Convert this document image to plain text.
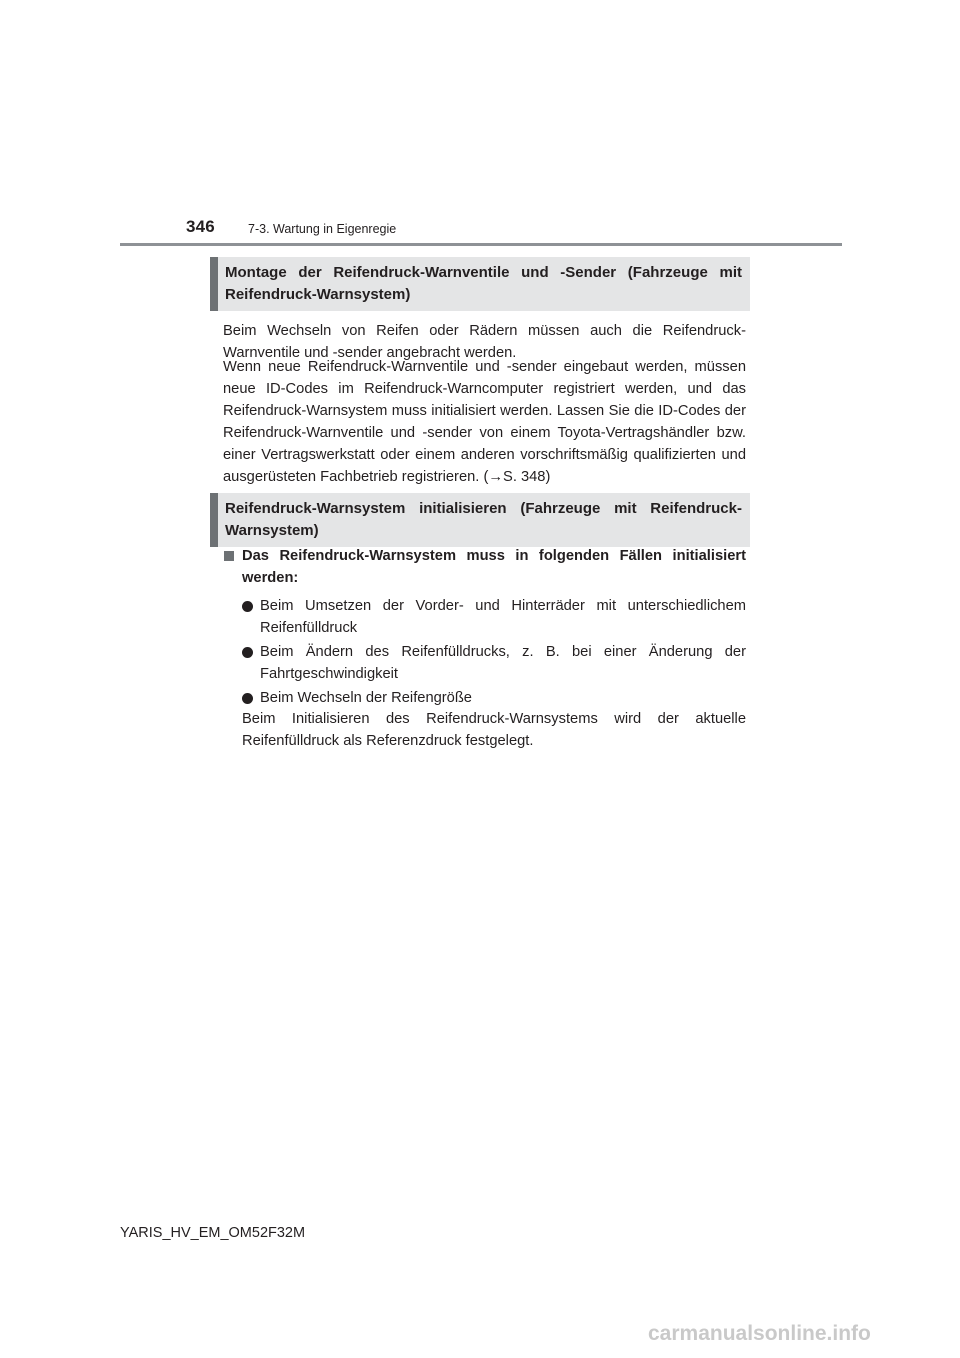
346	7-3. Wartung in Eigenregie
Montage der Reifendruck-Warnventile und -Sender (Fahrzeuge mit Reifendruck-Warnsystem)

Beim Wechseln von Reifen oder Rädern müssen auch die Reifendruck-Warnventile und -sender angebracht werden.

Wenn neue Reifendruck-Warnventile und -sender eingebaut werden, müssen neue ID-Codes im Reifendruck-Warncomputer registriert werden, und das Reifendruck-Warnsystem muss initialisiert werden. Lassen Sie die ID-Codes der Reifendruck-Warnventile und -sender von einem Toyota-Vertragshändler bzw. einer Vertragswerkstatt oder einem anderen vorschriftsmäßig qualifizierten und ausgerüsteten Fachbetrieb registrieren. (→S. 348)

Reifendruck-Warnsystem initialisieren (Fahrzeuge mit Reifendruck-Warnsystem)
Das Reifendruck-Warnsystem muss in folgenden Fällen initialisiert werden:
Beim Umsetzen der Vorder- und Hinterräder mit unterschiedlichem Reifenfülldruck
Beim Ändern des Reifenfülldrucks, z. B. bei einer Änderung der Fahrtgeschwindigkeit
Beim Wechseln der Reifengröße

Beim Initialisieren des Reifendruck-Warnsystems wird der aktuelle Reifenfülldruck als Referenzdruck festgelegt.

YARIS_HV_EM_OM52F32M
carmanualsonline.info
